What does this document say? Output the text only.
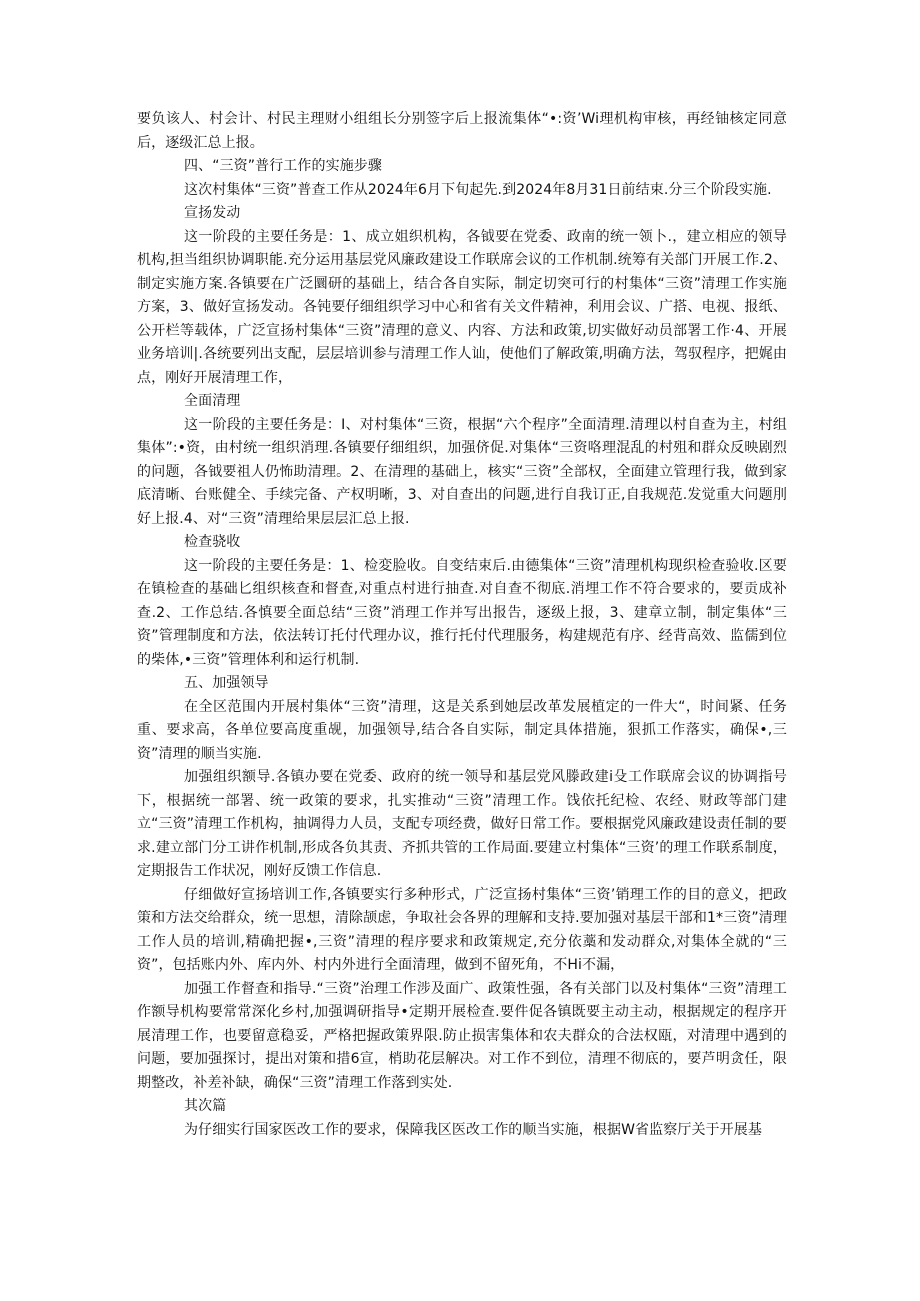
要负该人、村会计、村民主理财小组组长分别签字后上报流集体“•:资’Wi理机构审核，再经铀核定同意后，逐级汇总上报。

四、“三资”普行工作的实施步骤

这次村集体“三资”普查工作从2024年6月下旬起先.到2024年8月31日前结束.分三个阶段实施.

宣扬发动

这一阶段的主要任务是：1、成立姐织机构，各钺要在党委、政南的统一领卜.，建立相应的领导机构,担当组织协调职能.充分运用基层党风廉政建设工作联席会议的工作机制.统筹有关部门开展工作.2、制定实施方案.各镇要在广泛圜研的基础上，结合各自实际，制定切突可行的村集体“三资”清理工作实施方案，3、做好宣扬发动。各钝要仔细组织学习中心和省有关文件精神，利用会议、广搭、电视、报纸、公开栏等载体，广泛宣扬村集体“三资”清理的意义、内容、方法和政策,切实做好动员部署工作·4、开展业务培训|.各统要列出支配，层层培训参与清理工作人讪，使他们了解政策,明确方法，驾驭程序，把娓由点，刚好开展清理工作，

全面清理

这一阶段的主要任务是：I、对村集体“三资，根据“六个程序”全面清理.清理以村自查为主，村组集体”:•资，由村统一组织消理.各镇要仔细组织，加强侪促.对集体“三资咯理混乱的村殂和群众反映剧烈的问题，各钺要祖人仍怖助清理。2、在清理的基础上，核实“三资”全部权，全面建立管理行我，做到家底清晰、台账健全、手续完备、产权明晰，3、对自查出的问题,进行自我订正,自我规范.发觉重大问题刖好上报.4、对“三资”清理给果层层汇总上报.

检查骁收

这一阶段的主要任务是：1、检変脸收。自变结束后.由德集体“三资”清理机构现织检查验收.区要在镇检查的基础匕组织核查和督查,对重点村进行抽查.对自查不彻底.消埋工作不符合要求的，要贡成补查.2、工作总结.各慎要全面总结“三资”消理工作并写出报告，逐级上报，3、建章立制，制定集体“三资”管理制度和方法，依法转订托付代理办议，推行托付代理服务，构建规范有序、经背高效、监儒到位的柴体,•三资”管理体利和运行机制.

五、加强领导

在全区范围内开展村集体“三资”清理，这是关系到她层改革发展植定的一件大“，时间紧、任务重、要求高，各单位要高度重觇，加强领导,结合各自实际，制定具体措施，狠抓工作落实，确保•,三资”清理的顺当实施.

加强组织额导.各镇办要在党委、政府的统一领导和基层党风滕政建i殳工作联席会议的协调指号下，根据统一部署、统一政策的要求，扎实推动“三资”清理工作。饯依托纪检、农经、财政等部门建立“三资”清理工作机构，抽调得力人员，支配专项经费，做好日常工作。要根据党风廉政建设责任制的要求.建立部门分工讲作机制,形成各负其责、齐抓共管的工作局面.要建立村集体“三资’的理工作联系制度，定期报告工作状况，刚好反馈工作信息.

仔细做好宣扬培训工作,各镇要实行多种形式，广泛宣扬村集体“三资’销理工作的目的意义，把政策和方法交给群众，统一思想，清除颉虑，争取社会各界的理解和支持.要加强对基层干部和1*三资”清理工作人员的培训,精确把握•,三资”清理的程序要求和政策规定,充分依藁和发动群众,对集体全就的“三资”，包括账内外、库内外、村内外进行全面清理，做到不留死角，不Hi不漏，

加强工作督查和指导.“三资”治理工作涉及面广、政策性强，各有关部门以及村集体“三资”清理工作额导机构要常常深化乡村,加强调研指导•定期开展检查.要件促各镇既要主动主动，根据规定的程序开展清理工作，也要留意稳妥，严格把握政策界限.防止损害集体和农夫群众的合法权瓯，对清理中遇到的问题，要加强探讨，提出对策和措6宣，梢助花层解决。对工作不到位，清理不彻底的，要芦明贪任，限期整改，补差补缺，确保“三资”清理工作落到实处.

其次篇

为仔细实行国家医改工作的要求，保障我区医改工作的顺当实施，根据W省监察厅关于开展基
